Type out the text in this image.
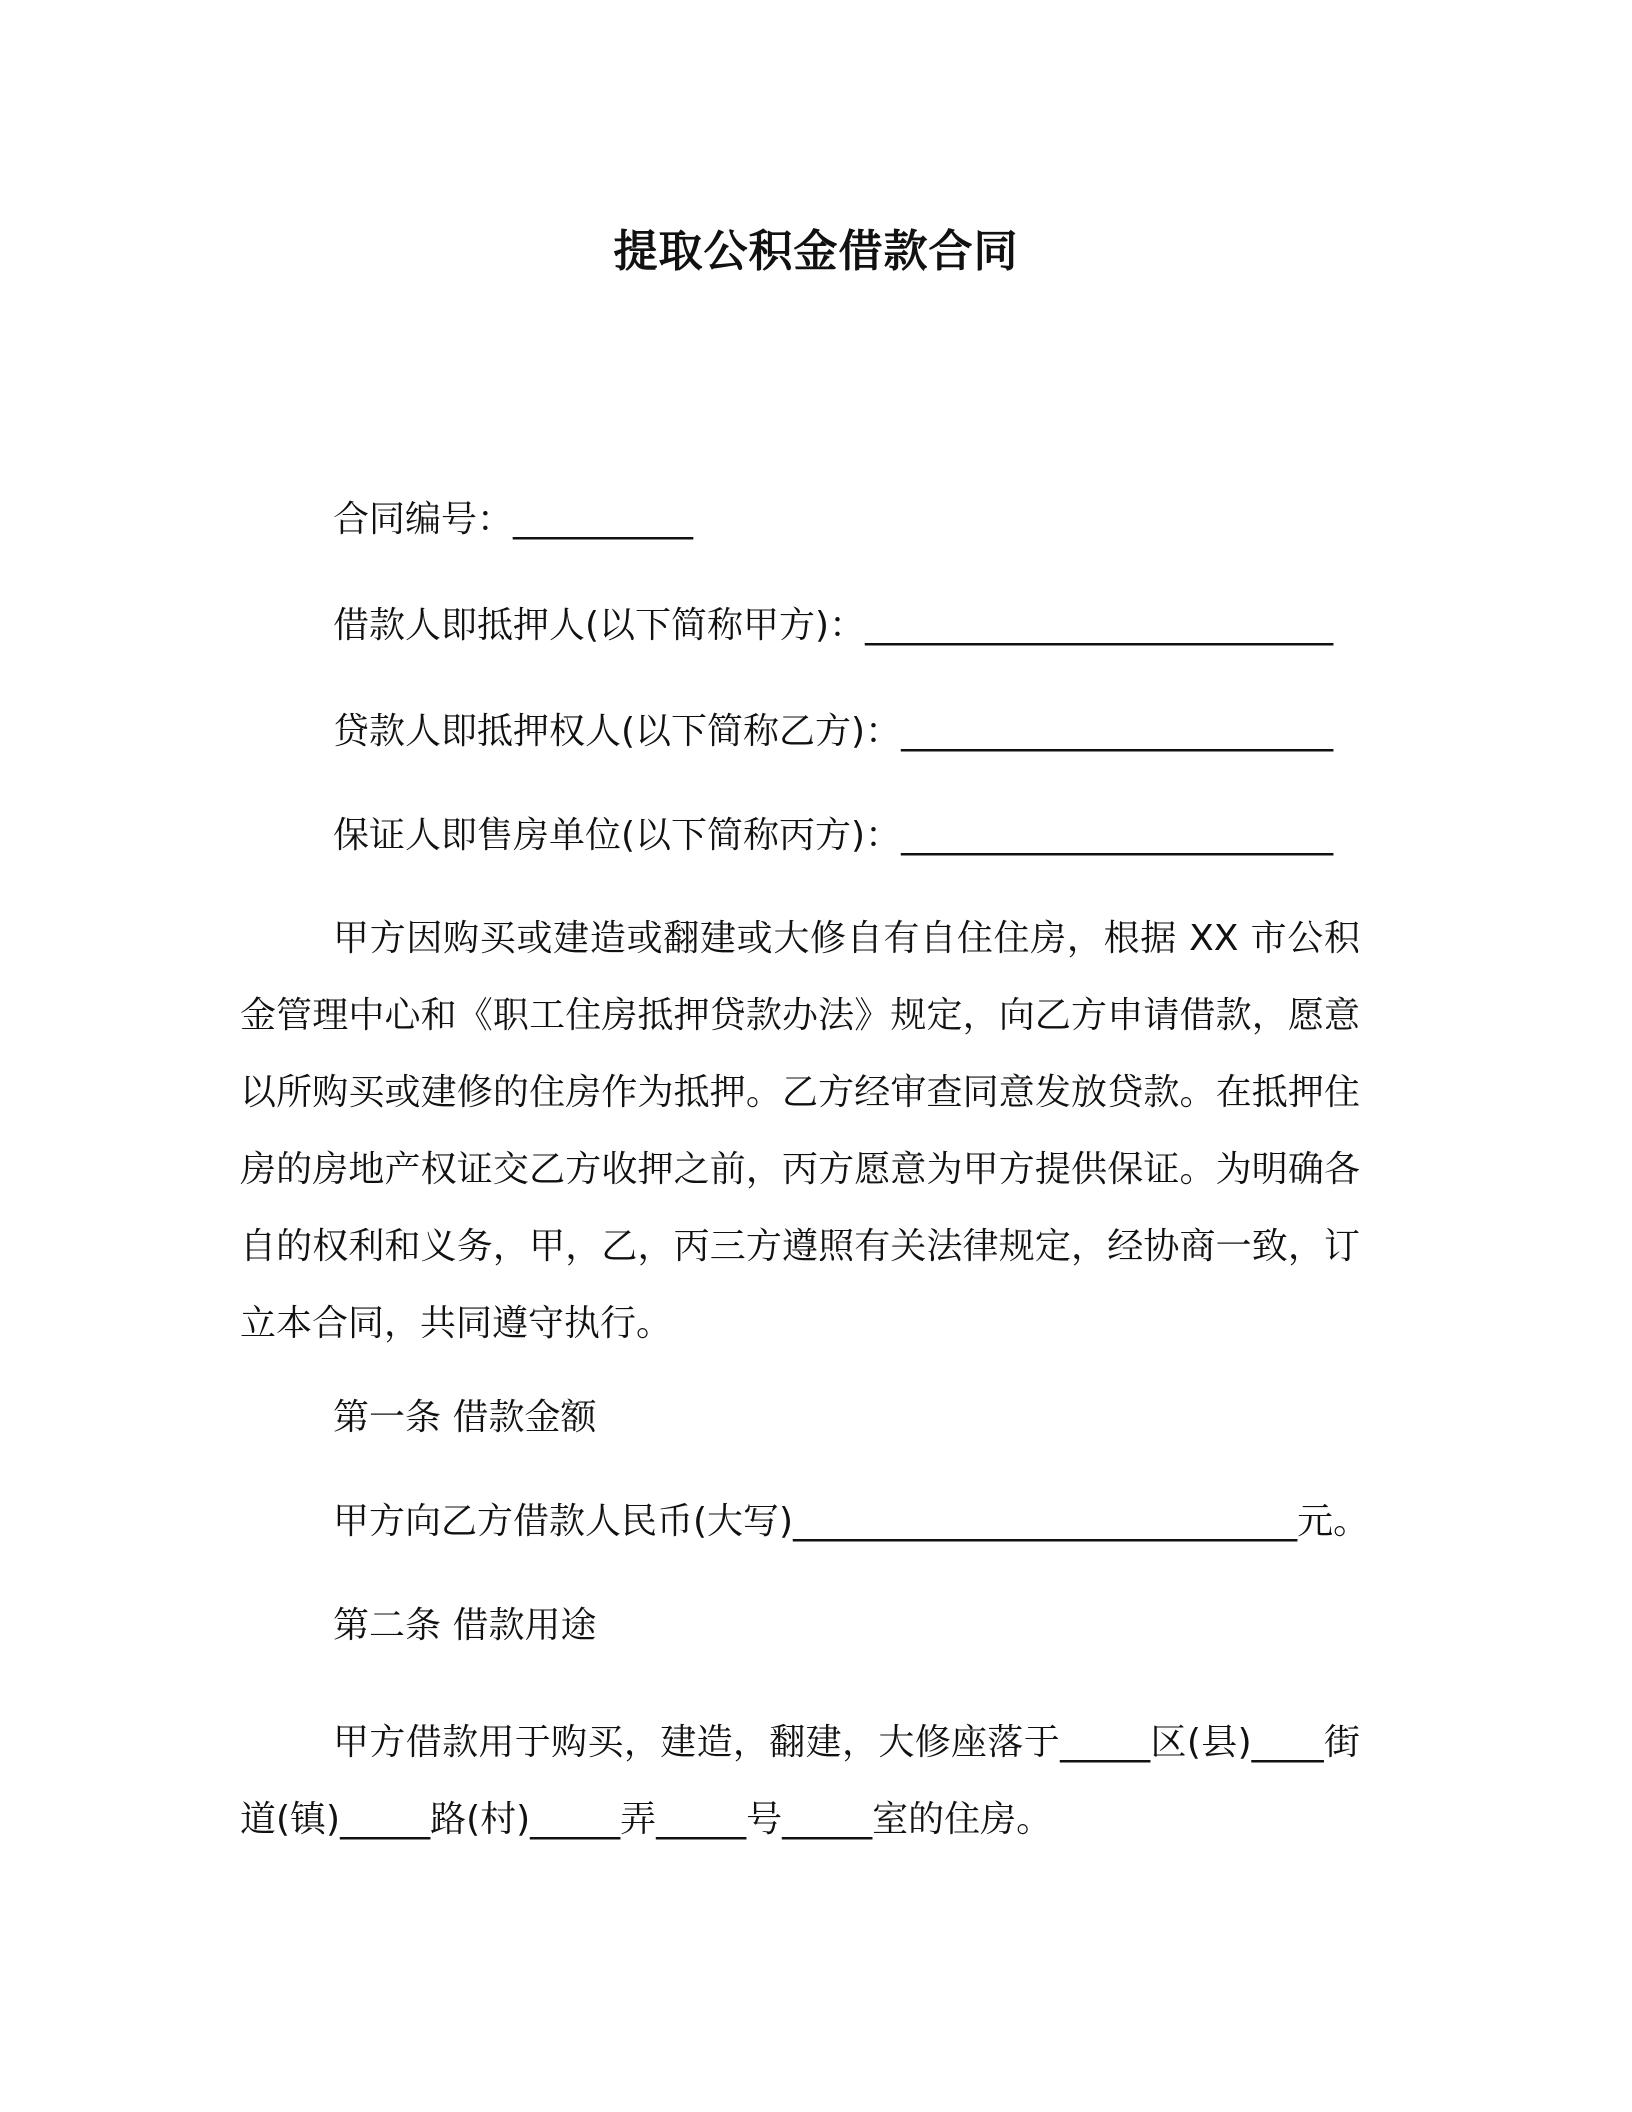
提取公积金借款合同
合同编号：__________
借款人即抵押人(以下简称甲方)：__________________________
贷款人即抵押权人(以下简称乙方)：________________________
保证人即售房单位(以下简称丙方)：________________________
甲方因购买或建造或翻建或大修自有自住住房，根据 XX 市公积金管理中心和《职工住房抵押贷款办法》规定，向乙方申请借款，愿意以所购买或建修的住房作为抵押。乙方经审查同意发放贷款。在抵押住房的房地产权证交乙方收押之前，丙方愿意为甲方提供保证。为明确各自的权利和义务，甲，乙，丙三方遵照有关法律规定，经协商一致，订立本合同，共同遵守执行。
第一条 借款金额
甲方向乙方借款人民币(大写)____________________________元。
第二条 借款用途
甲方借款用于购买，建造，翻建，大修座落于_____区(县)____街道(镇)_____路(村)_____弄_____号_____室的住房。
